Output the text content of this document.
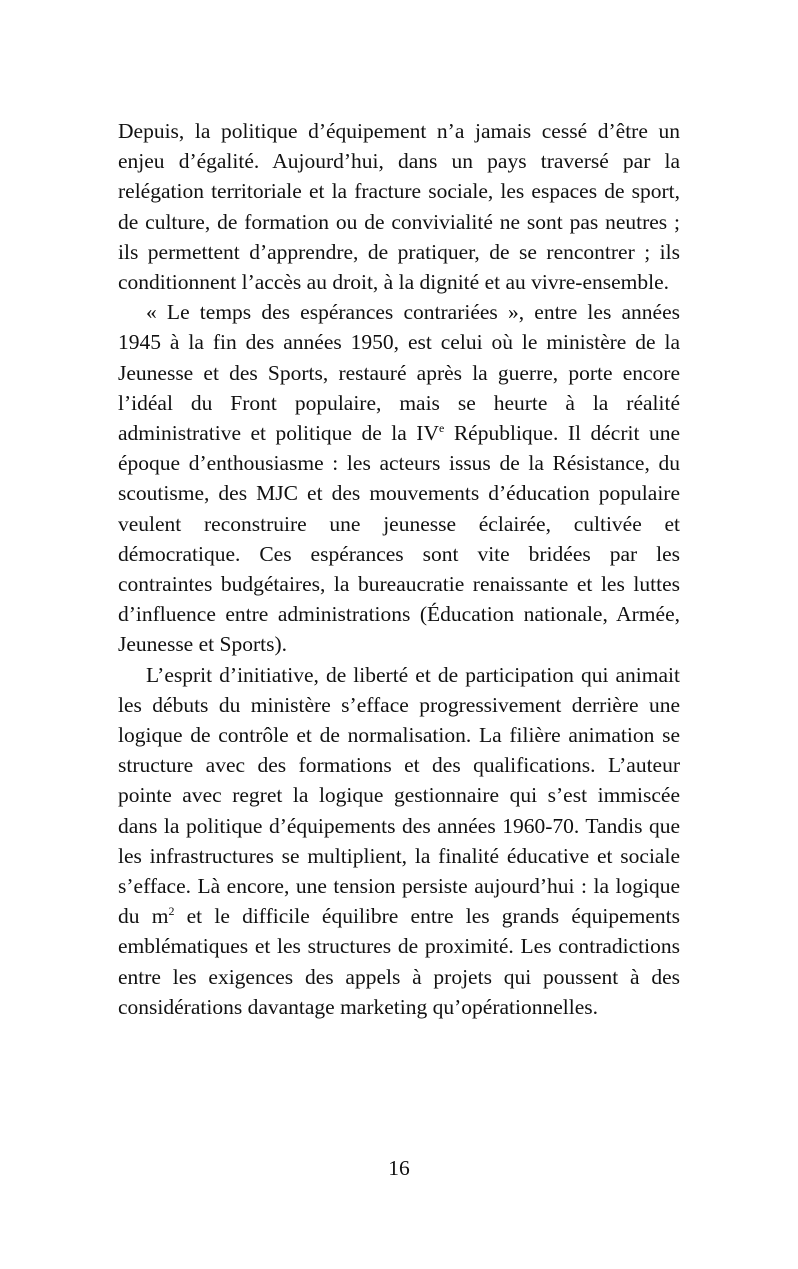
Depuis, la politique d’équipement n’a jamais cessé d’être un enjeu d’égalité. Aujourd’hui, dans un pays traversé par la relégation territoriale et la fracture sociale, les espaces de sport, de culture, de formation ou de convivialité ne sont pas neutres ; ils permettent d’apprendre, de pratiquer, de se rencontrer ; ils conditionnent l’accès au droit, à la dignité et au vivre-ensemble.

« Le temps des espérances contrariées », entre les années 1945 à la fin des années 1950, est celui où le ministère de la Jeunesse et des Sports, restauré après la guerre, porte encore l’idéal du Front populaire, mais se heurte à la réalité administrative et politique de la IVe République. Il décrit une époque d’enthousiasme : les acteurs issus de la Résistance, du scoutisme, des MJC et des mouvements d’éducation populaire veulent reconstruire une jeunesse éclairée, cultivée et démocratique. Ces espérances sont vite bridées par les contraintes budgétaires, la bureaucratie renaissante et les luttes d’influence entre administrations (Éducation nationale, Armée, Jeunesse et Sports).

L’esprit d’initiative, de liberté et de participation qui animait les débuts du ministère s’efface progressivement derrière une logique de contrôle et de normalisation. La filière animation se structure avec des formations et des qualifications. L’auteur pointe avec regret la logique gestionnaire qui s’est immiscée dans la politique d’équipements des années 1960-70. Tandis que les infrastructures se multiplient, la finalité éducative et sociale s’efface. Là encore, une tension persiste aujourd’hui : la logique du $m^2$ et le difficile équilibre entre les grands équipements emblématiques et les structures de proximité. Les contradictions entre les exigences des appels à projets qui poussent à des considérations davantage marketing qu’opérationnelles.

16
